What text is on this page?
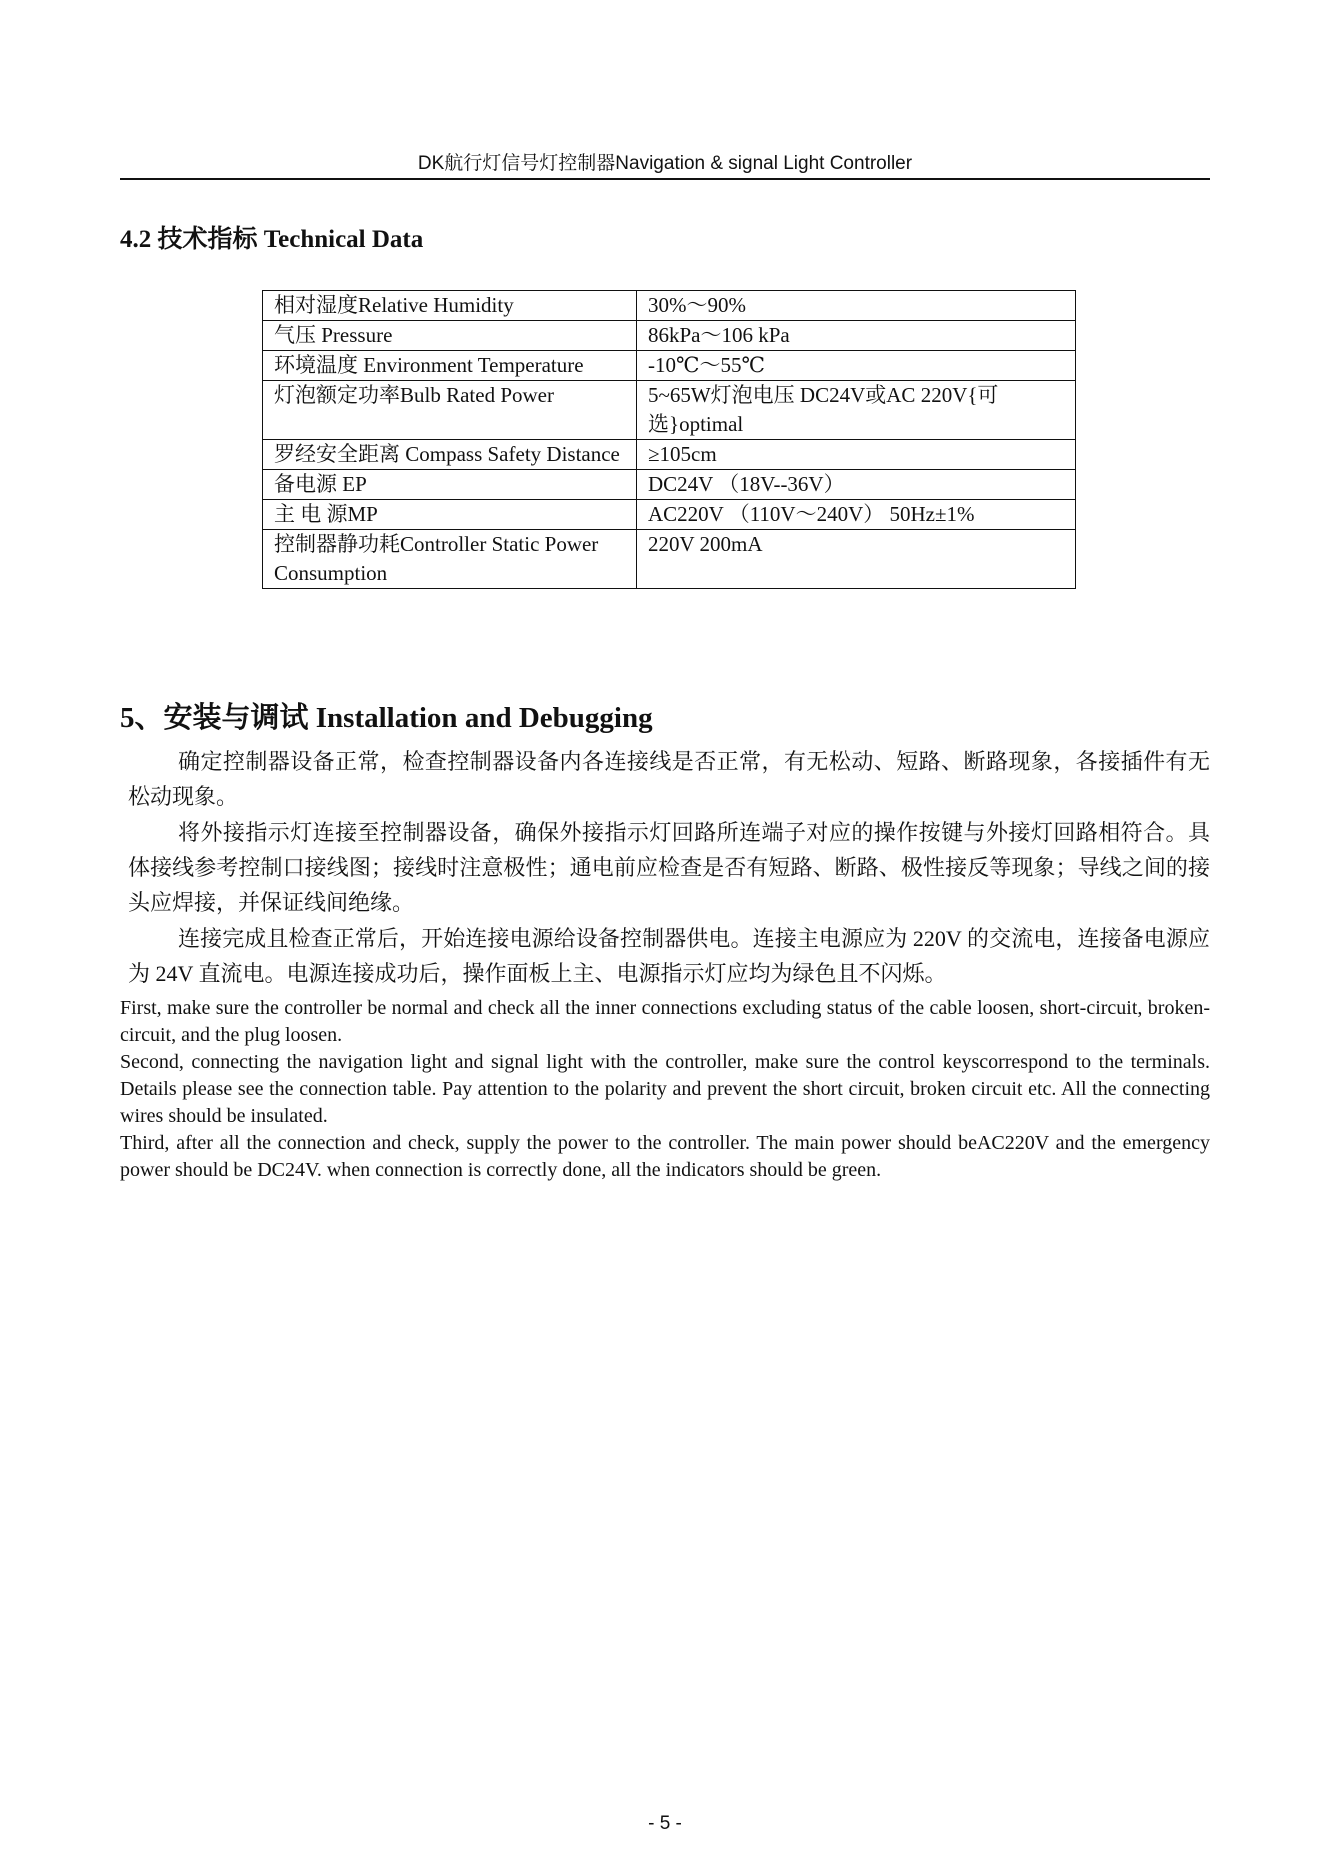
DK航行灯信号灯控制器Navigation & signal Light Controller
4.2 技术指标 Technical Data
相对湿度Relative Humidity	30%～90%
气压 Pressure	86kPa～106 kPa
环境温度 Environment Temperature	-10℃～55℃
灯泡额定功率Bulb Rated Power	5~65W灯泡电压 DC24V或AC 220V{可选}optimal
罗经安全距离 Compass Safety Distance	≥105cm
备电源 EP	DC24V （18V--36V）
主 电 源MP	AC220V （110V～240V） 50Hz±1%
控制器静功耗Controller Static Power Consumption	220V 200mA
5、安装与调试 Installation and Debugging

确定控制器设备正常，检查控制器设备内各连接线是否正常，有无松动、短路、断路现象，各接插件有无松动现象。

将外接指示灯连接至控制器设备，确保外接指示灯回路所连端子对应的操作按键与外接灯回路相符合。具体接线参考控制口接线图；接线时注意极性；通电前应检查是否有短路、断路、极性接反等现象；导线之间的接头应焊接，并保证线间绝缘。

连接完成且检查正常后，开始连接电源给设备控制器供电。连接主电源应为 220V 的交流电，连接备电源应为 24V 直流电。电源连接成功后，操作面板上主、电源指示灯应均为绿色且不闪烁。

First, make sure the controller be normal and check all the inner connections excluding status of the cable loosen, short-circuit, broken-circuit, and the plug loosen.

Second, connecting the navigation light and signal light with the controller, make sure the control keyscorrespond to the terminals. Details please see the connection table. Pay attention to the polarity and prevent the short circuit, broken circuit etc. All the connecting wires should be insulated.

Third, after all the connection and check, supply the power to the controller. The main power should beAC220V and the emergency power should be DC24V. when connection is correctly done, all the indicators should be green.

- 5 -
